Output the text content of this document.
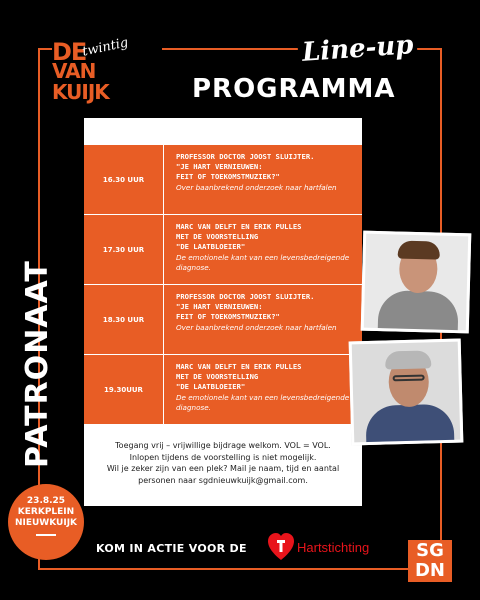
DE
twintig
VAN
KUIJK
Line-up
PROGRAMMA
16.30 UUR
PROFESSOR DOCTOR JOOST SLUIJTER.
"JE HART VERNIEUWEN:
FEIT OF TOEKOMSTMUZIEK?"
Over baanbrekend onderzoek naar hartfalen
17.30 UUR
MARC VAN DELFT EN ERIK PULLES
MET DE VOORSTELLING
"DE LAATBLOEIER"
De emotionele kant van een levensbedreigende diagnose.
18.30 UUR
PROFESSOR DOCTOR JOOST SLUIJTER.
"JE HART VERNIEUWEN:
FEIT OF TOEKOMSTMUZIEK?"
Over baanbrekend onderzoek naar hartfalen
19.30UUR
MARC VAN DELFT EN ERIK PULLES
MET DE VOORSTELLING
"DE LAATBLOEIER"
De emotionele kant van een levensbedreigende diagnose.
Toegang vrij – vrijwillige bijdrage welkom. VOL = VOL.
Inlopen tijdens de voorstelling is niet mogelijk.
Wil je zeker zijn van een plek? Mail je naam, tijd en aantal
personen naar sgdnieuwkuijk@gmail.com.
PATRONAAT
23.8.25
KERKPLEIN
NIEUWKUIJK
KOM IN ACTIE VOOR DE	Hartstichting	SG
DN
